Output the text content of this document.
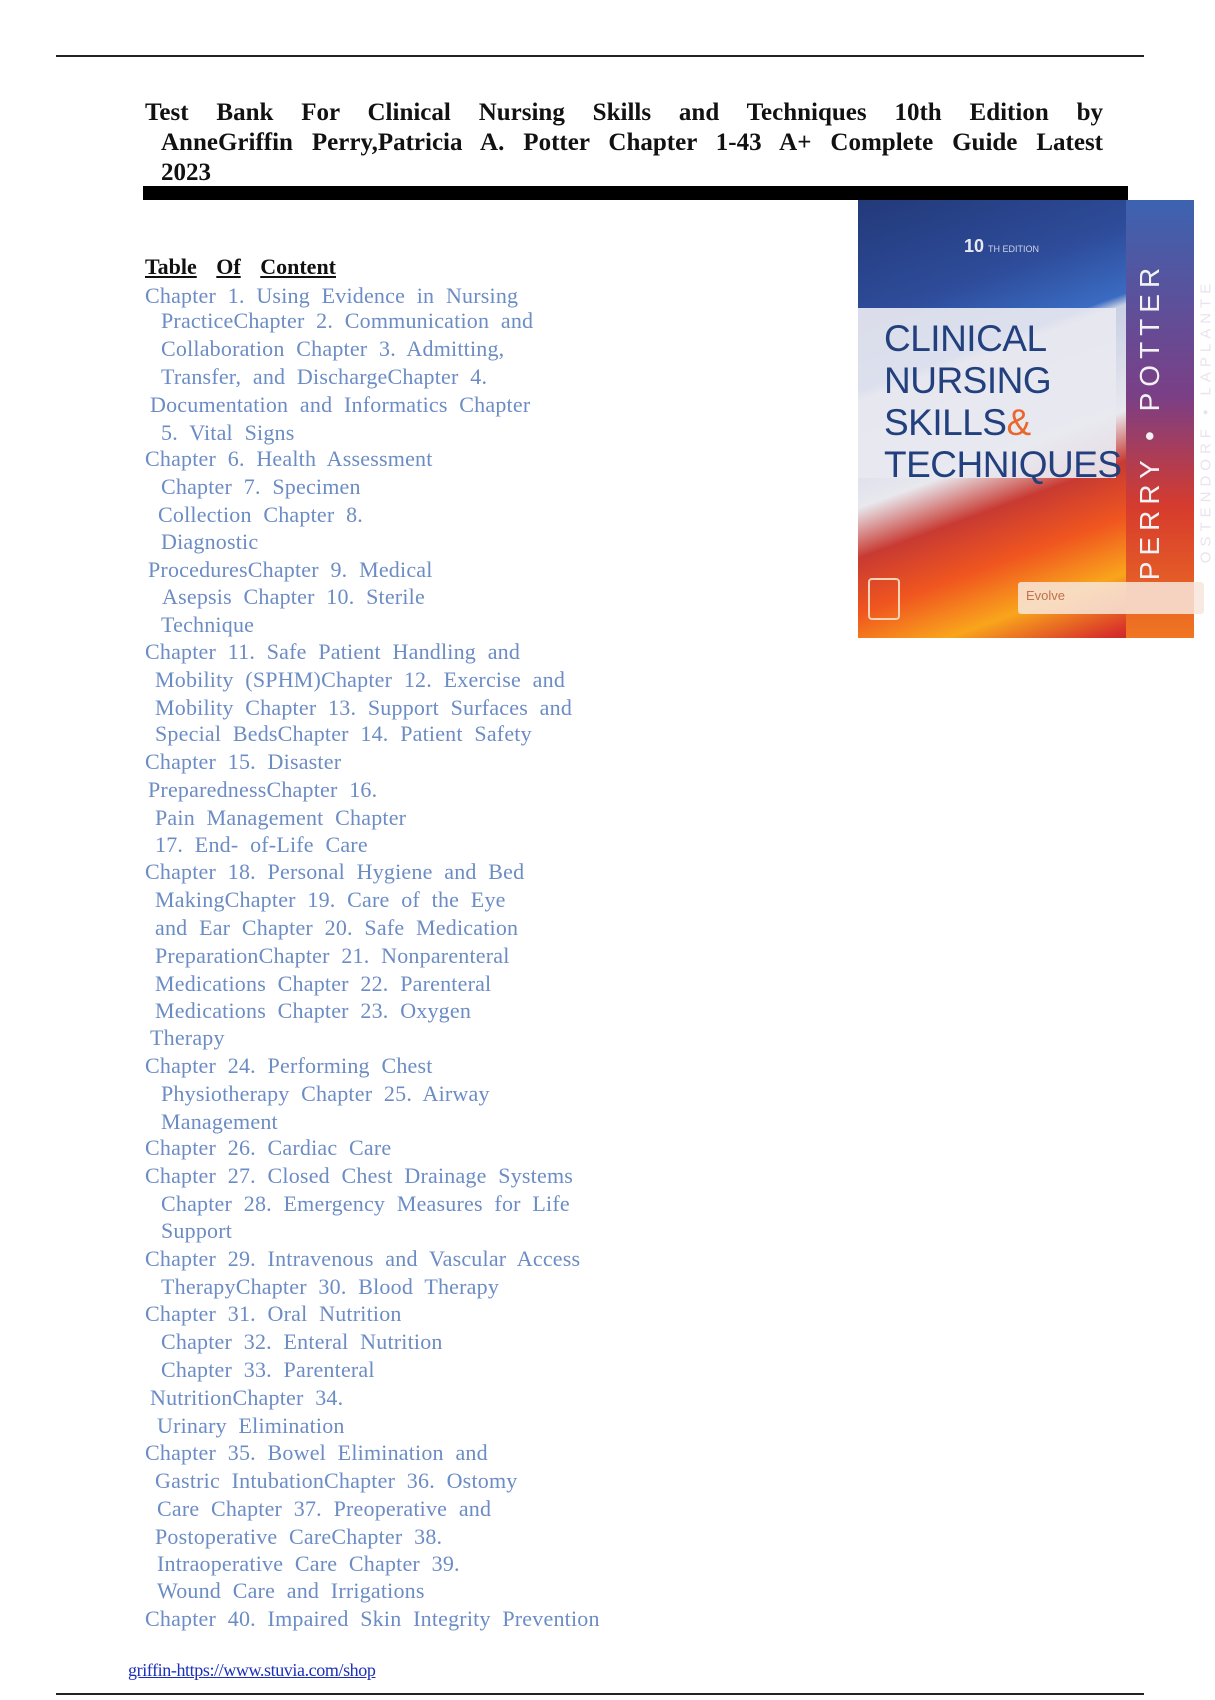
Test Bank For Clinical Nursing Skills and Techniques 10th Edition by
AnneGriffin Perry,Patricia A. Potter Chapter 1-43 A+ Complete Guide Latest
2023
Table Of Content
Chapter 1. Using Evidence in Nursing
PracticeChapter 2. Communication and
Collaboration Chapter 3. Admitting,
Transfer, and DischargeChapter 4.
Documentation and Informatics Chapter
5. Vital Signs
Chapter 6. Health Assessment
Chapter 7. Specimen
Collection Chapter 8.
Diagnostic
ProceduresChapter 9. Medical
Asepsis Chapter 10. Sterile
Technique
Chapter 11. Safe Patient Handling and
Mobility (SPHM)Chapter 12. Exercise and
Mobility Chapter 13. Support Surfaces and
Special BedsChapter 14. Patient Safety
Chapter 15. Disaster
PreparednessChapter 16.
Pain Management Chapter
17. End- of-Life Care
Chapter 18. Personal Hygiene and Bed
MakingChapter 19. Care of the Eye
and Ear Chapter 20. Safe Medication
PreparationChapter 21. Nonparenteral
Medications Chapter 22. Parenteral
Medications Chapter 23. Oxygen
Therapy
Chapter 24. Performing Chest
Physiotherapy Chapter 25. Airway
Management
Chapter 26. Cardiac Care
Chapter 27. Closed Chest Drainage Systems
Chapter 28. Emergency Measures for Life
Support
Chapter 29. Intravenous and Vascular Access
TherapyChapter 30. Blood Therapy
Chapter 31. Oral Nutrition
Chapter 32. Enteral Nutrition
Chapter 33. Parenteral
NutritionChapter 34.
Urinary Elimination
Chapter 35. Bowel Elimination and
Gastric IntubationChapter 36. Ostomy
Care Chapter 37. Preoperative and
Postoperative CareChapter 38.
Intraoperative Care Chapter 39.
Wound Care and Irrigations
Chapter 40. Impaired Skin Integrity Prevention
10 TH EDITION
CLINICAL
NURSING
SKILLS&
TECHNIQUES PERRY • POTTER OSTENDORF • LAPLANTE
Evolve
griffin-https://www.stuvia.com/shop
